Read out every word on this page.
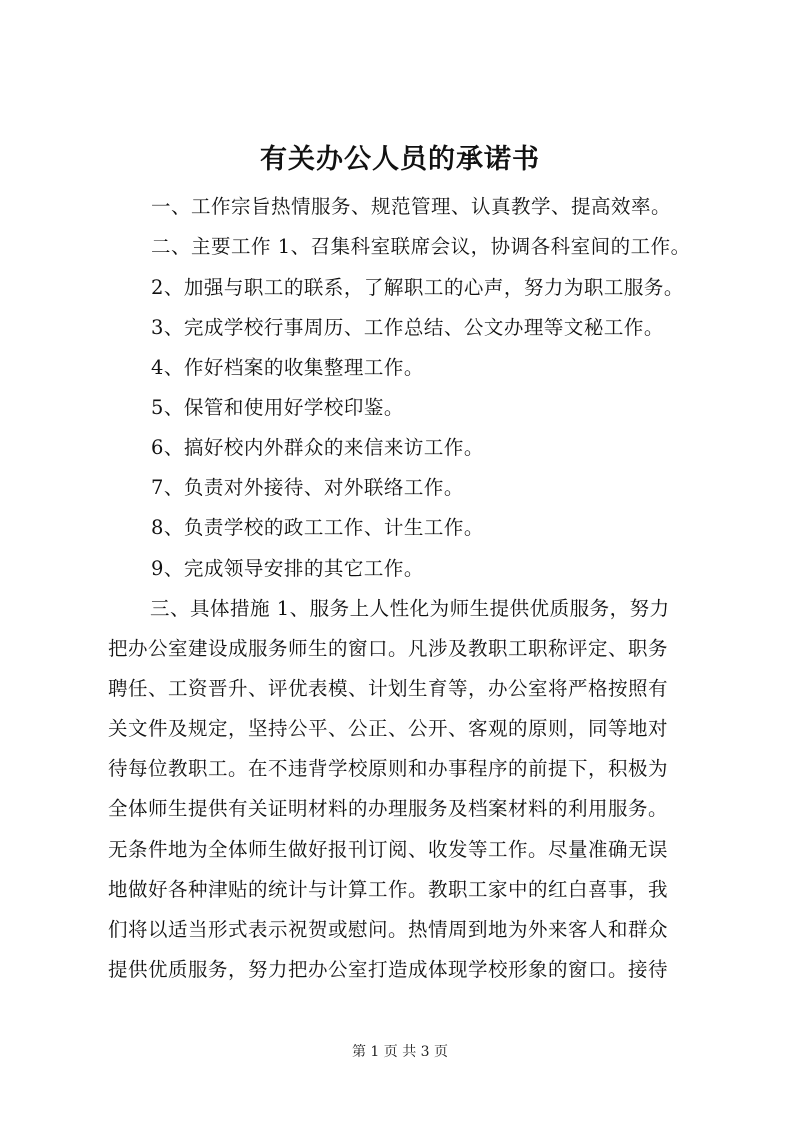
有关办公人员的承诺书
一、工作宗旨热情服务、规范管理、认真教学、提高效率。
二、主要工作 1、召集科室联席会议，协调各科室间的工作。
2、加强与职工的联系，了解职工的心声，努力为职工服务。
3、完成学校行事周历、工作总结、公文办理等文秘工作。
4、作好档案的收集整理工作。
5、保管和使用好学校印鉴。
6、搞好校内外群众的来信来访工作。
7、负责对外接待、对外联络工作。
8、负责学校的政工工作、计生工作。
9、完成领导安排的其它工作。
三、具体措施 1、服务上人性化为师生提供优质服务，努力
把办公室建设成服务师生的窗口。凡涉及教职工职称评定、职务
聘任、工资晋升、评优表模、计划生育等，办公室将严格按照有
关文件及规定，坚持公平、公正、公开、客观的原则，同等地对
待每位教职工。在不违背学校原则和办事程序的前提下，积极为
全体师生提供有关证明材料的办理服务及档案材料的利用服务。
无条件地为全体师生做好报刊订阅、收发等工作。尽量准确无误
地做好各种津贴的统计与计算工作。教职工家中的红白喜事，我
们将以适当形式表示祝贺或慰问。热情周到地为外来客人和群众
提供优质服务，努力把办公室打造成体现学校形象的窗口。接待
第 1 页 共 3 页
